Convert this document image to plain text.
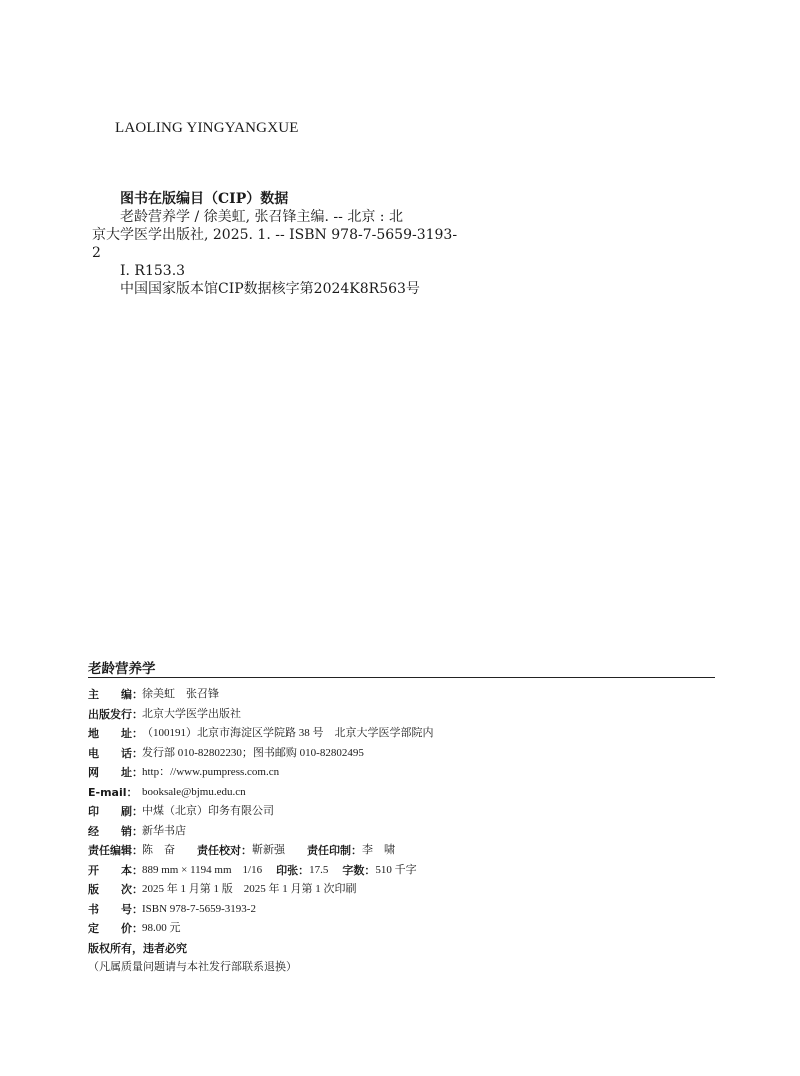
LAOLING YINGYANGXUE
图书在版编目（CIP）数据
老龄营养学 / 徐美虹, 张召锋主编. -- 北京 : 北
京大学医学出版社, 2025. 1. -- ISBN 978-7-5659-3193-
2
Ⅰ. R153.3
中国国家版本馆CIP数据核字第2024K8R563号
老龄营养学
主　　编： 徐美虹　张召锋
出版发行： 北京大学医学出版社
地　　址： （100191）北京市海淀区学院路 38 号　北京大学医学部院内
电　　话： 发行部 010-82802230；图书邮购 010-82802495
网　　址： http：//www.pumpress.com.cn
E-mail： booksale@bjmu.edu.cn
印　　刷： 中煤（北京）印务有限公司
经　　销： 新华书店
责任编辑： 陈　奋 责任校对： 靳新强 责任印制： 李　啸
开　　本： 889 mm × 1194 mm　1/16 印张： 17.5 字数： 510 千字
版　　次： 2025 年 1 月第 1 版　2025 年 1 月第 1 次印刷
书　　号： ISBN 978-7-5659-3193-2
定　　价： 98.00 元
版权所有，违者必究
（凡属质量问题请与本社发行部联系退换）
